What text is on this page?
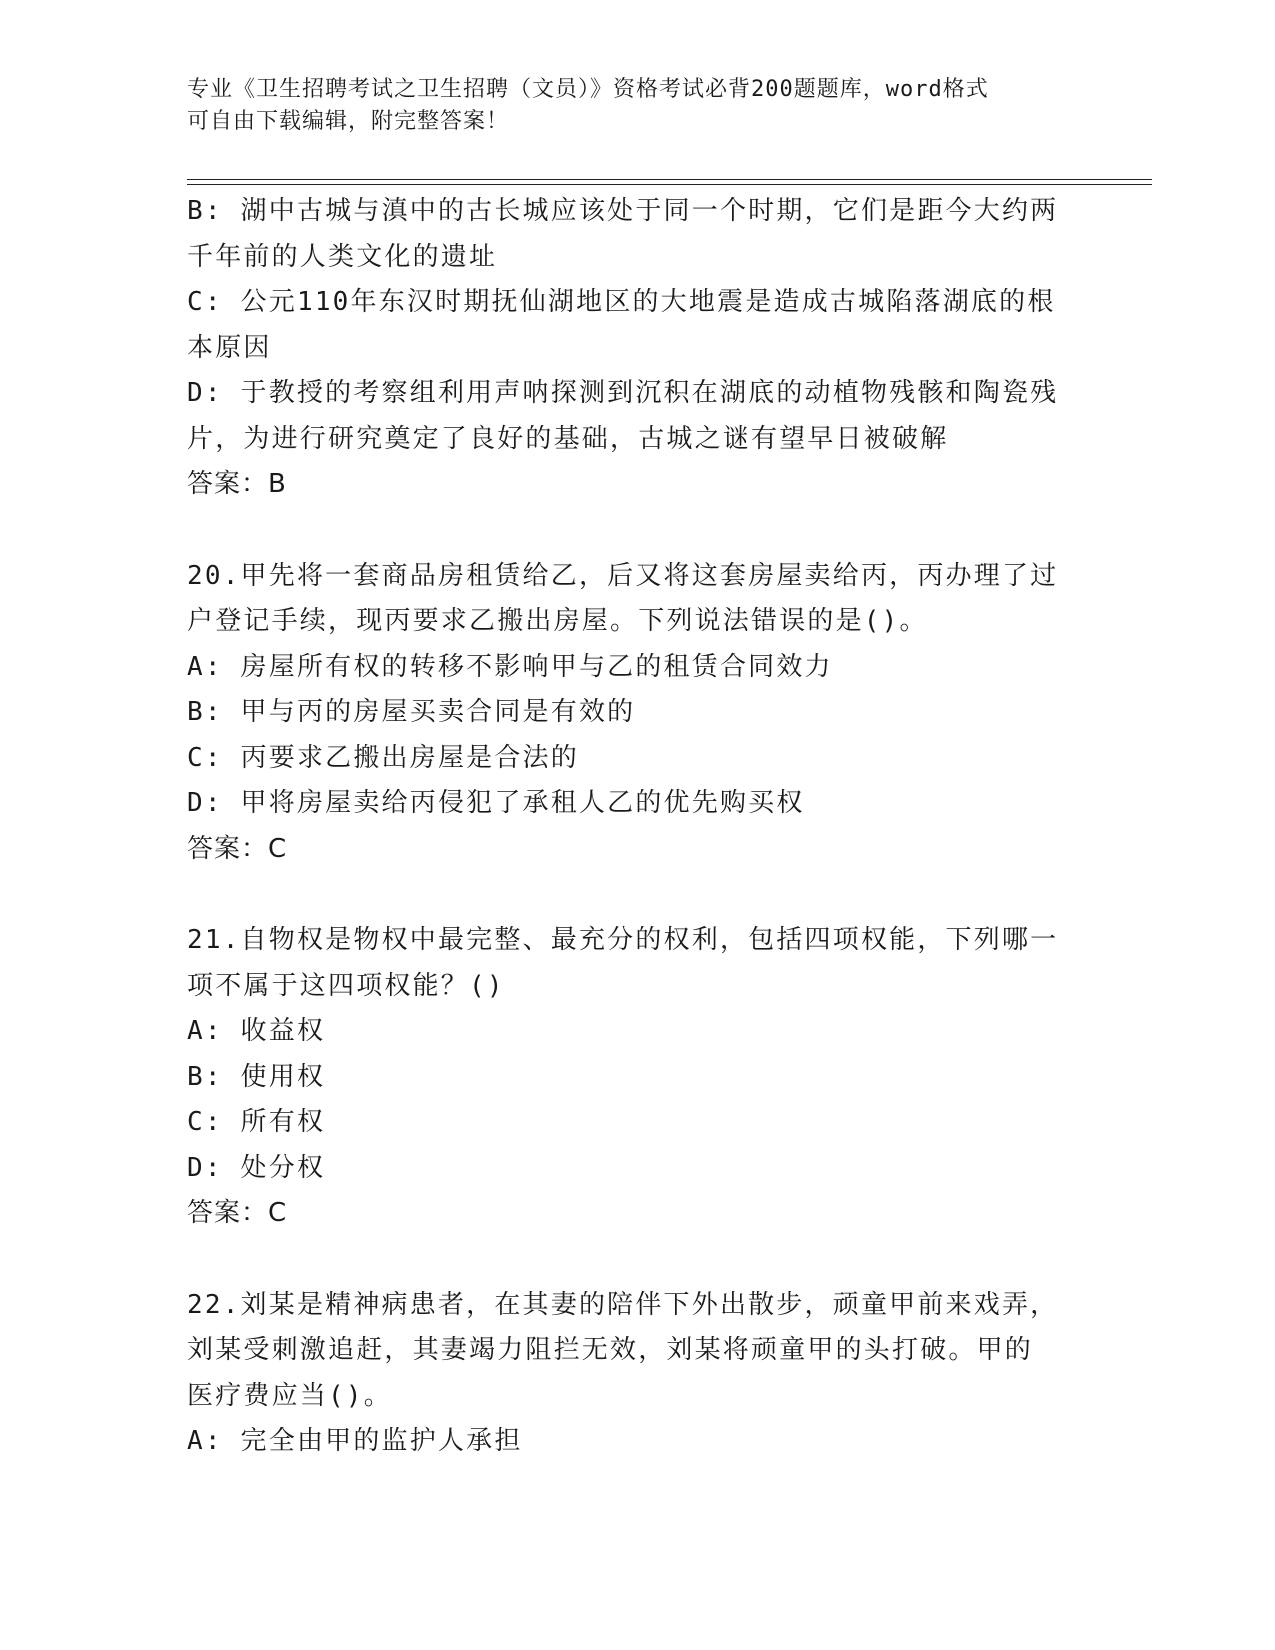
专业《卫生招聘考试之卫生招聘（文员）》资格考试必背200题题库，word格式
可自由下载编辑，附完整答案！
B: 湖中古城与滇中的古长城应该处于同一个时期，它们是距今大约两
千年前的人类文化的遗址
C: 公元110年东汉时期抚仙湖地区的大地震是造成古城陷落湖底的根
本原因
D: 于教授的考察组利用声呐探测到沉积在湖底的动植物残骸和陶瓷残
片，为进行研究奠定了良好的基础，古城之谜有望早日被破解
答案：B
20.甲先将一套商品房租赁给乙，后又将这套房屋卖给丙，丙办理了过
户登记手续，现丙要求乙搬出房屋。下列说法错误的是()。
A: 房屋所有权的转移不影响甲与乙的租赁合同效力
B: 甲与丙的房屋买卖合同是有效的
C: 丙要求乙搬出房屋是合法的
D: 甲将房屋卖给丙侵犯了承租人乙的优先购买权
答案：C
21.自物权是物权中最完整、最充分的权利，包括四项权能，下列哪一
项不属于这四项权能？()
A: 收益权
B: 使用权
C: 所有权
D: 处分权
答案：C
22.刘某是精神病患者，在其妻的陪伴下外出散步，顽童甲前来戏弄，
刘某受刺激追赶，其妻竭力阻拦无效，刘某将顽童甲的头打破。甲的
医疗费应当()。
A: 完全由甲的监护人承担
